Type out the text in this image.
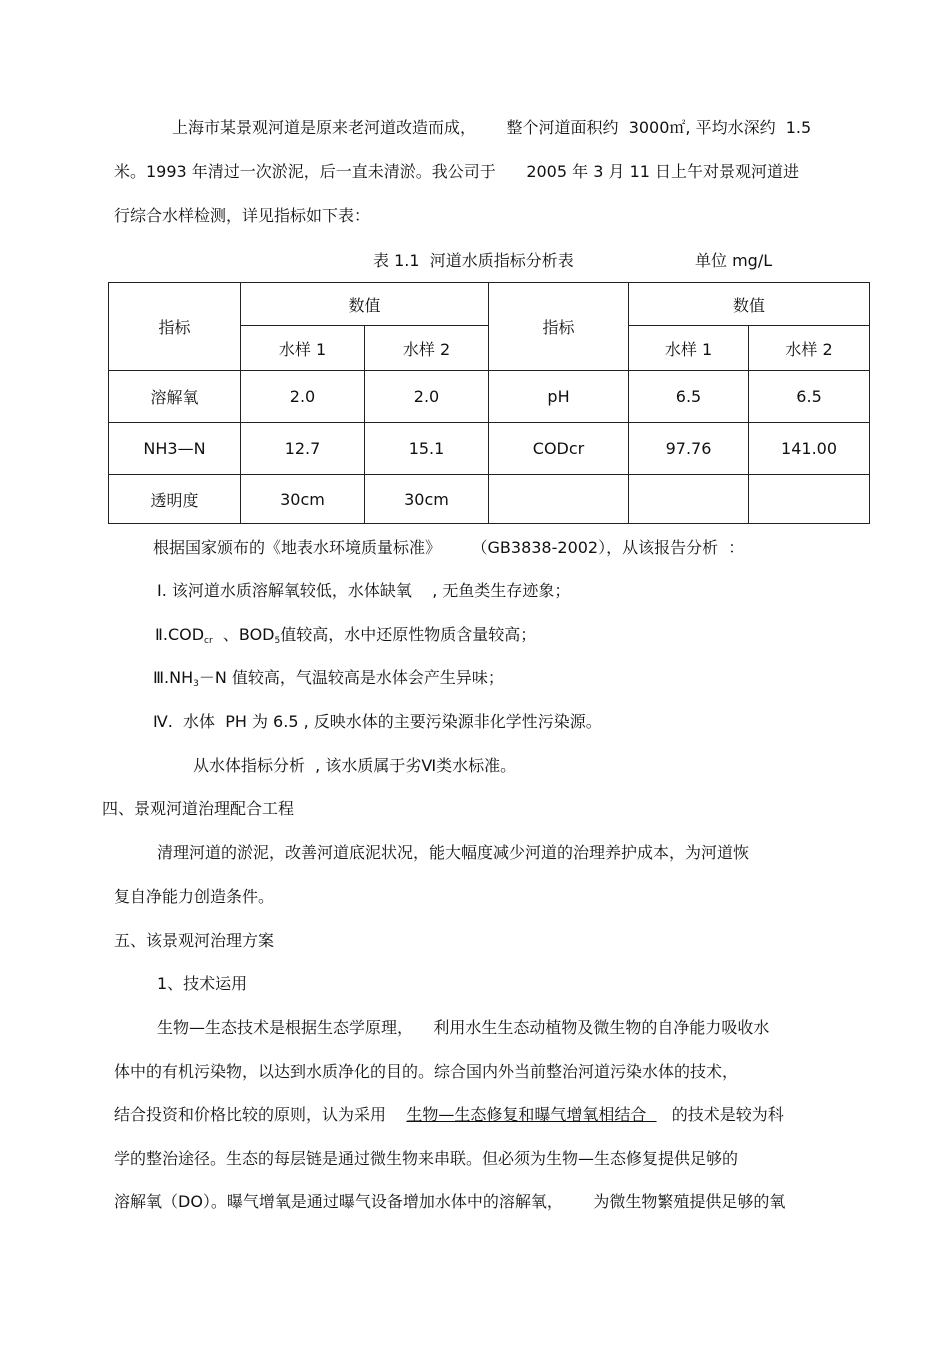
上海市某景观河道是原来老河道改造而成，      整个河道面积约  3000㎡, 平均水深约  1.5
米。1993 年清过一次淤泥，后一直未清淤。我公司于      2005 年 3 月 11 日上午对景观河道进
行综合水样检测，详见指标如下表：
表 1.1  河道水质指标分析表	单位 mg/L
指标	数值		指标	数值	
	水样 1	水样 2		水样 1	水样 2
溶解氧	2.0	2.0	pH	6.5	6.5
NH3—N	12.7	15.1	CODcr	97.76	141.00
透明度	30cm	30cm			
根据国家颁布的《地表水环境质量标准》      （GB3838-2002），从该报告分析  ：
Ⅰ. 该河道水质溶解氧较低，水体缺氧    , 无鱼类生存迹象；
$Ⅱ.COD_{cr}$  、$BOD_5$值较高，水中还原性物质含量较高；
$Ⅲ.NH_3-N$ 值较高，气温较高是水体会产生异味；
Ⅳ.  水体  PH 为 6.5 , 反映水体的主要污染源非化学性污染源。
从水体指标分析  , 该水质属于劣Ⅵ类水标准。
四、景观河道治理配合工程
清理河道的淤泥，改善河道底泥状况，能大幅度减少河道的治理养护成本，为河道恢
复自净能力创造条件。
五、该景观河治理方案
1、技术运用
生物—生态技术是根据生态学原理，    利用水生生态动植物及微生物的自净能力吸收水
体中的有机污染物，以达到水质净化的目的。综合国内外当前整治河道污染水体的技术，
结合投资和价格比较的原则，认为采用    生物—生态修复和曝气增氧相结合     的技术是较为科
学的整治途径。生态的每层链是通过微生物来串联。但必须为生物—生态修复提供足够的
溶解氧（DO）。曝气增氧是通过曝气设备增加水体中的溶解氧，      为微生物繁殖提供足够的氧
